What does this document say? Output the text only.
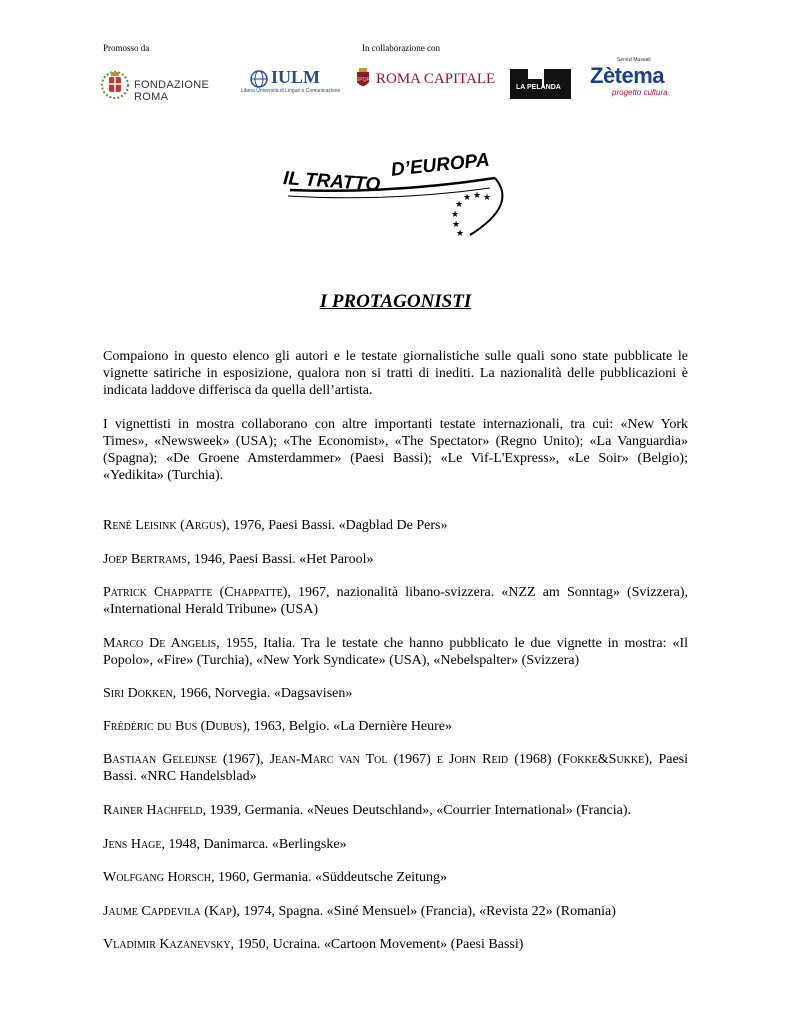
Promosso da	In collaborazione con
FONDAZIONE ROMA
IULM
Libera Università di Lingue e Comunicazione
SPQR ROMA CAPITALE
LA PELANDA
Servizi Museali
Zètema
progetto cultura
★ ★ ★
★
★
★
★
IL TRATTO
D’EUROPA
I PROTAGONISTI
Compaiono in questo elenco gli autori e le testate giornalistiche sulle quali sono state pubblicate le vignette satiriche in esposizione, qualora non si tratti di inediti. La nazionalità delle pubblicazioni è indicata laddove differisca da quella dell’artista.
I vignettisti in mostra collaborano con altre importanti testate internazionali, tra cui: «New York Times», «Newsweek» (USA); «The Economist», «The Spectator» (Regno Unito); «La Vanguardia» (Spagna); «De Groene Amsterdammer» (Paesi Bassi); «Le Vif-L'Express», «Le Soir» (Belgio); «Yedikita» (Turchia).
René Leisink (Argus), 1976, Paesi Bassi. «Dagblad De Pers»
Joep Bertrams, 1946, Paesi Bassi. «Het Parool»
Patrick Chappatte (Chappatte), 1967, nazionalità libano-svizzera. «NZZ am Sonntag» (Svizzera), «International Herald Tribune» (USA)
Marco De Angelis, 1955, Italia. Tra le testate che hanno pubblicato le due vignette in mostra: «Il Popolo», «Fire» (Turchia), «New York Syndicate» (USA), «Nebelspalter» (Svizzera)
Siri Dokken, 1966, Norvegia. «Dagsavisen»
Frédéric du Bus (Dubus), 1963, Belgio. «La Dernière Heure»
Bastiaan Geleijnse (1967), Jean-Marc van Tol (1967) e John Reid (1968) (Fokke&Sukke), Paesi Bassi. «NRC Handelsblad»
Rainer Hachfeld, 1939, Germania. «Neues Deutschland», «Courrier International» (Francia).
Jens Hage, 1948, Danimarca. «Berlingske»
Wolfgang Horsch, 1960, Germania. «Süddeutsche Zeitung»
Jaume Capdevila (Kap), 1974, Spagna. «Siné Mensuel» (Francia), «Revista 22» (Romania)
Vladimir Kazanevsky, 1950, Ucraina. «Cartoon Movement» (Paesi Bassi)
